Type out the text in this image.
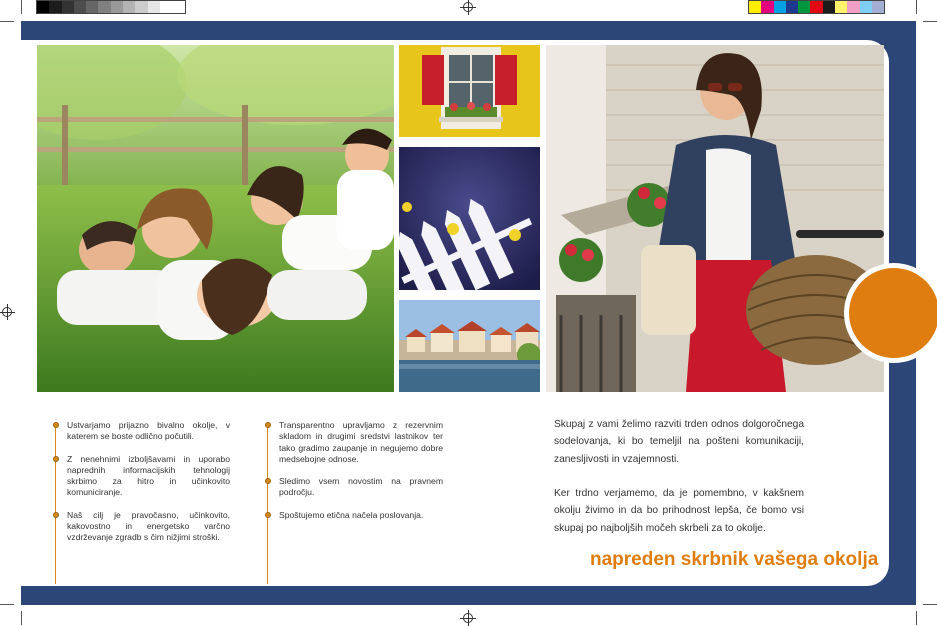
Ustvarjamo prijazno bivalno okolje, v katerem se boste odlično počutili.
Z nenehnimi izboljšavami in uporabo naprednih informacijskih tehnologij skrbimo za hitro in učinkovito komuniciranje.
Naš cilj je pravočasno, učinkovito, kakovostno in energetsko varčno vzdrževanje zgradb s čim nižjimi stroški.
Transparentno upravljamo z rezervnim skladom in drugimi sredstvi lastnikov ter tako gradimo zaupanje in negujemo dobre medsebojne odnose.
Sledimo vsem novostim na pravnem področju.
Spoštujemo etična načela poslovanja.
Skupaj z vami želimo razviti trden odnos dolgoročnega sodelovanja, ki bo temeljil na pošteni komunikaciji, zanesljivosti in vzajemnosti.
Ker trdno verjamemo, da je pomembno, v kakšnem okolju živimo in da bo prihodnost lepša, če bomo vsi skupaj po najboljših močeh skrbeli za to okolje.
napreden skrbnik vašega okolja
